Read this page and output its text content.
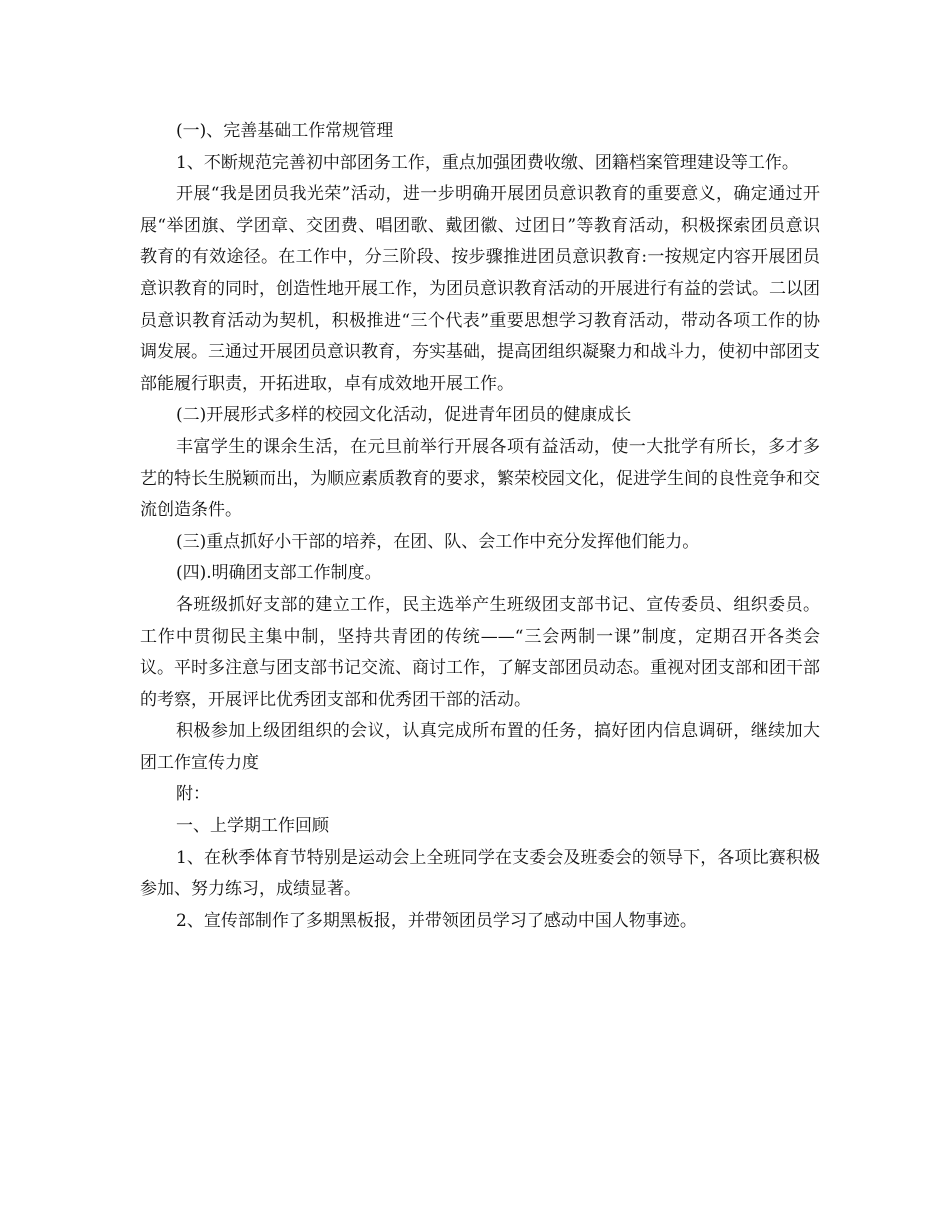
(一)、完善基础工作常规管理

1、不断规范完善初中部团务工作，重点加强团费收缴、团籍档案管理建设等工作。

开展“我是团员我光荣”活动，进一步明确开展团员意识教育的重要意义，确定通过开展“举团旗、学团章、交团费、唱团歌、戴团徽、过团日”等教育活动，积极探索团员意识教育的有效途径。在工作中，分三阶段、按步骤推进团员意识教育:一按规定内容开展团员意识教育的同时，创造性地开展工作，为团员意识教育活动的开展进行有益的尝试。二以团员意识教育活动为契机，积极推进“三个代表”重要思想学习教育活动，带动各项工作的协调发展。三通过开展团员意识教育，夯实基础，提高团组织凝聚力和战斗力，使初中部团支部能履行职责，开拓进取，卓有成效地开展工作。

(二)开展形式多样的校园文化活动，促进青年团员的健康成长

丰富学生的课余生活，在元旦前举行开展各项有益活动，使一大批学有所长，多才多艺的特长生脱颖而出，为顺应素质教育的要求，繁荣校园文化，促进学生间的良性竞争和交流创造条件。

(三)重点抓好小干部的培养，在团、队、会工作中充分发挥他们能力。

(四).明确团支部工作制度。

各班级抓好支部的建立工作，民主选举产生班级团支部书记、宣传委员、组织委员。工作中贯彻民主集中制，坚持共青团的传统——“三会两制一课”制度，定期召开各类会议。平时多注意与团支部书记交流、商讨工作，了解支部团员动态。重视对团支部和团干部的考察，开展评比优秀团支部和优秀团干部的活动。

积极参加上级团组织的会议，认真完成所布置的任务，搞好团内信息调研，继续加大团工作宣传力度

附：

一、上学期工作回顾

1、在秋季体育节特别是运动会上全班同学在支委会及班委会的领导下，各项比赛积极参加、努力练习，成绩显著。

2、宣传部制作了多期黑板报，并带领团员学习了感动中国人物事迹。
